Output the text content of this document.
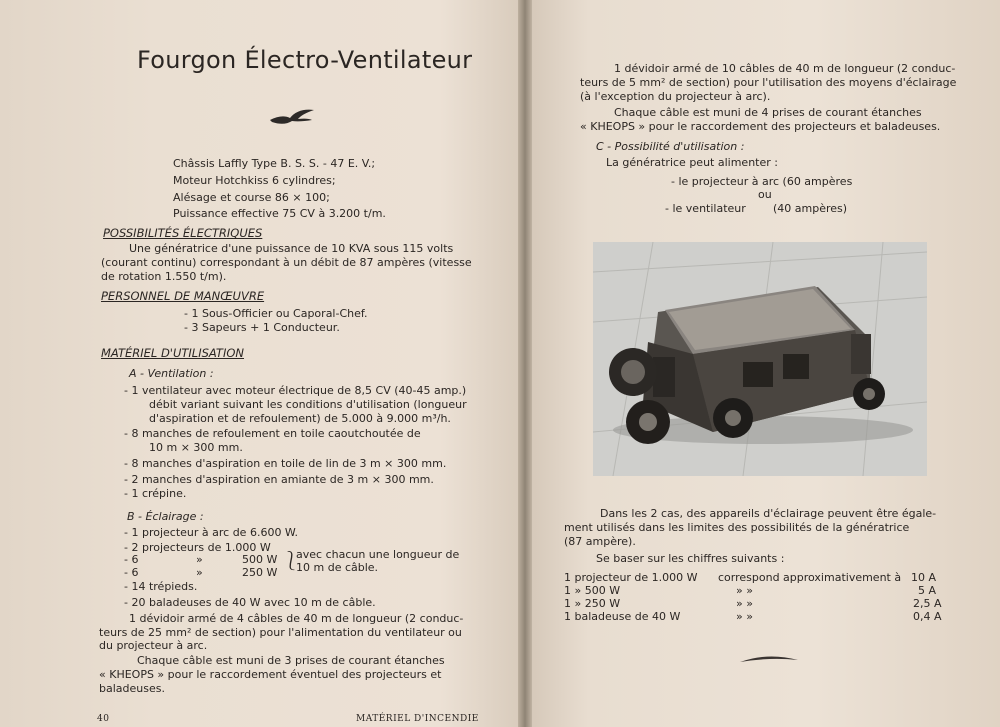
Fourgon Électro-Ventilateur
Châssis Laffly Type B. S. S. - 47 E. V.;
Moteur Hotchkiss 6 cylindres;
Alésage et course 86 × 100;
Puissance effective 75 CV à 3.200 t/m.
POSSIBILITÉS ÉLECTRIQUES
Une génératrice d'une puissance de 10 KVA sous 115 volts
(courant continu) correspondant à un débit de 87 ampères (vitesse
de rotation 1.550 t/m).
PERSONNEL DE MANŒUVRE
- 1 Sous-Officier ou Caporal-Chef.
- 3 Sapeurs + 1 Conducteur.
MATÉRIEL D'UTILISATION
A - Ventilation :
- 1 ventilateur avec moteur électrique de 8,5 CV (40-45 amp.)
débit variant suivant les conditions d'utilisation (longueur
d'aspiration et de refoulement) de 5.000 à 9.000 m³/h.
- 8 manches de refoulement en toile caoutchoutée de
10 m × 300 mm.
- 8 manches d'aspiration en toile de lin de 3 m × 300 mm.
- 2 manches d'aspiration en amiante de 3 m × 300 mm.
- 1 crépine.
B - Éclairage :
- 1 projecteur à arc de 6.600 W.
- 2 projecteurs de 1.000 W
- 6	»	500 W
- 6	»	250 W
⎱
avec chacun une longueur de
10 m de câble.
- 14 trépieds.
- 20 baladeuses de 40 W avec 10 m de câble.
1 dévidoir armé de 4 câbles de 40 m de longueur (2 conduc-
teurs de 25 mm² de section) pour l'alimentation du ventilateur ou
du projecteur à arc.
Chaque câble est muni de 3 prises de courant étanches
« KHEOPS » pour le raccordement éventuel des projecteurs et
baladeuses.
40	MATÉRIEL D'INCENDIE
1 dévidoir armé de 10 câbles de 40 m de longueur (2 conduc-
teurs de 5 mm² de section) pour l'utilisation des moyens d'éclairage
(à l'exception du projecteur à arc).
Chaque câble est muni de 4 prises de courant étanches
« KHEOPS » pour le raccordement des projecteurs et baladeuses.
C - Possibilité d'utilisation :
La génératrice peut alimenter :
- le projecteur à arc (60 ampères
ou
- le ventilateur (40 ampères)
Dans les 2 cas, des appareils d'éclairage peuvent être égale-
ment utilisés dans les limites des possibilités de la génératrice
(87 ampère).
Se baser sur les chiffres suivants :
1 projecteur de 1.000 W correspond approximativement à 10 A
1 » 500 W	» »	5 A
1 » 250 W	» »	2,5 A
1 baladeuse de 40 W	» »	0,4 A
